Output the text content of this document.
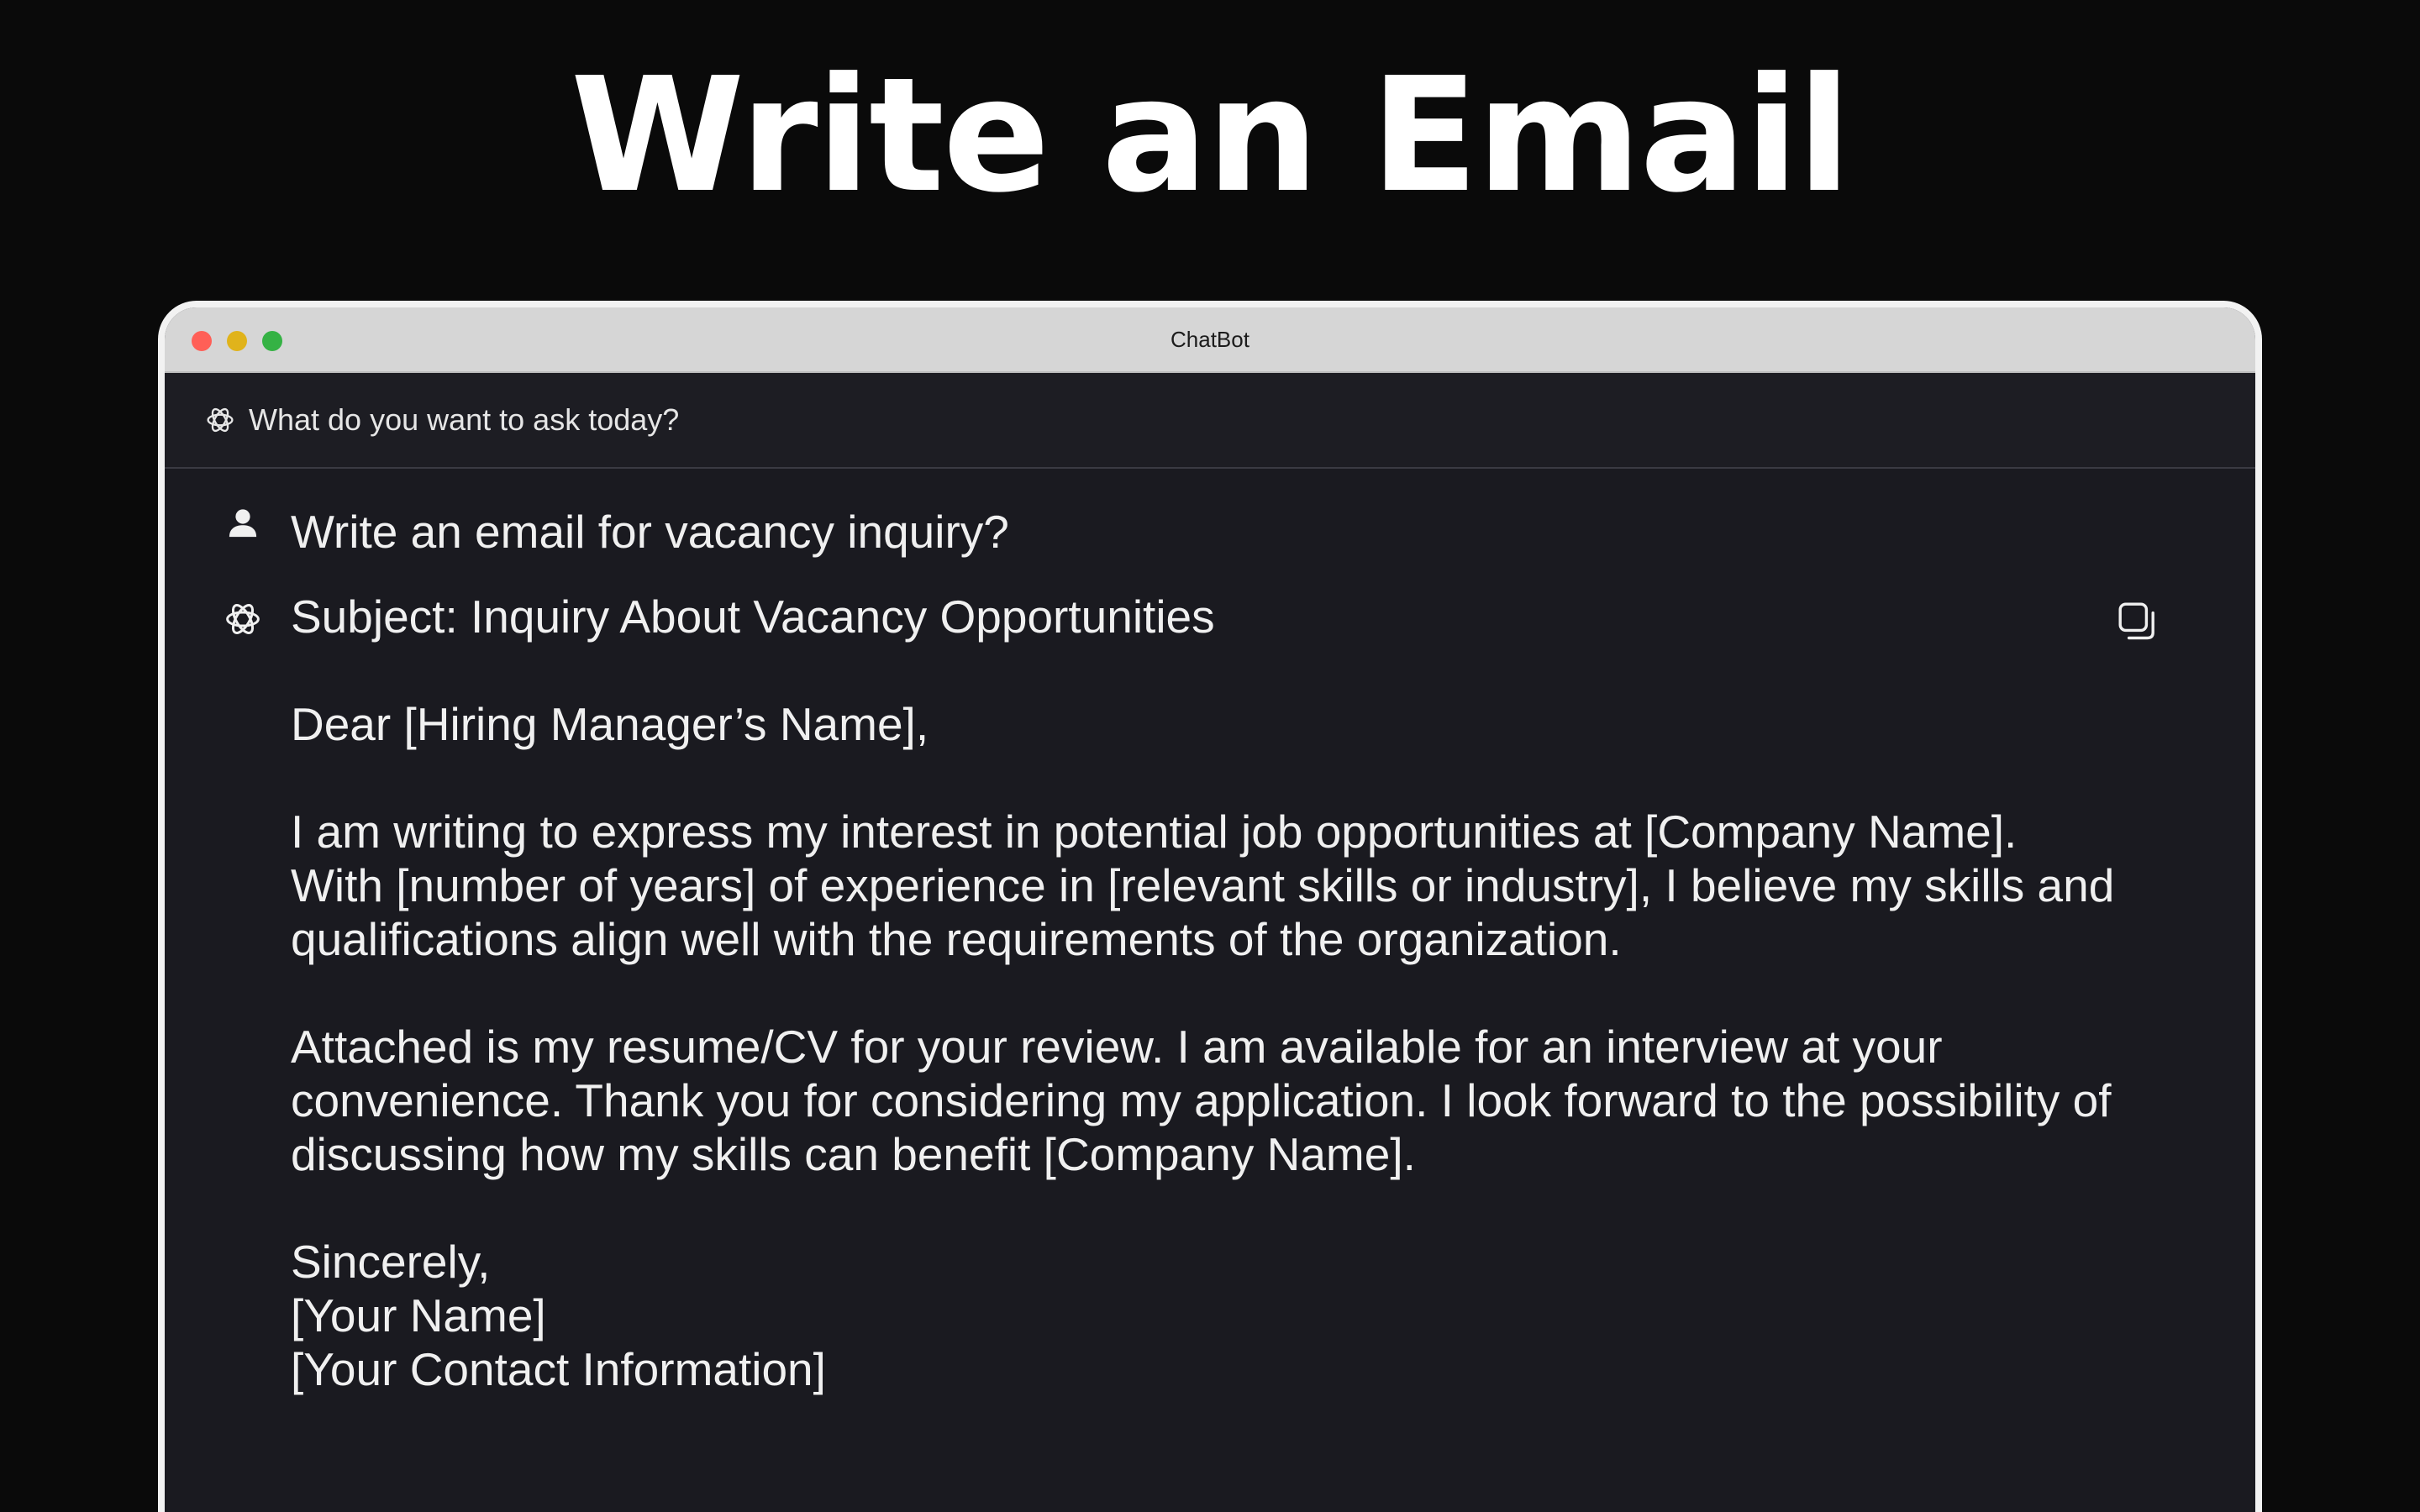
Write an Email
ChatBot
What do you want to ask today?
Write an email for vacancy inquiry?

Subject: Inquiry About Vacancy Opportunities

Dear [Hiring Manager’s Name],

I am writing to express my interest in potential job opportunities at [Company Name]. With [number of years] of experience in [relevant skills or industry], I believe my skills and qualifications align well with the requirements of the organization.

Attached is my resume/CV for your review. I am available for an interview at your convenience. Thank you for considering my application. I look forward to the possibility of discussing how my skills can benefit [Company Name].

Sincerely,

[Your Name]

[Your Contact Information]
